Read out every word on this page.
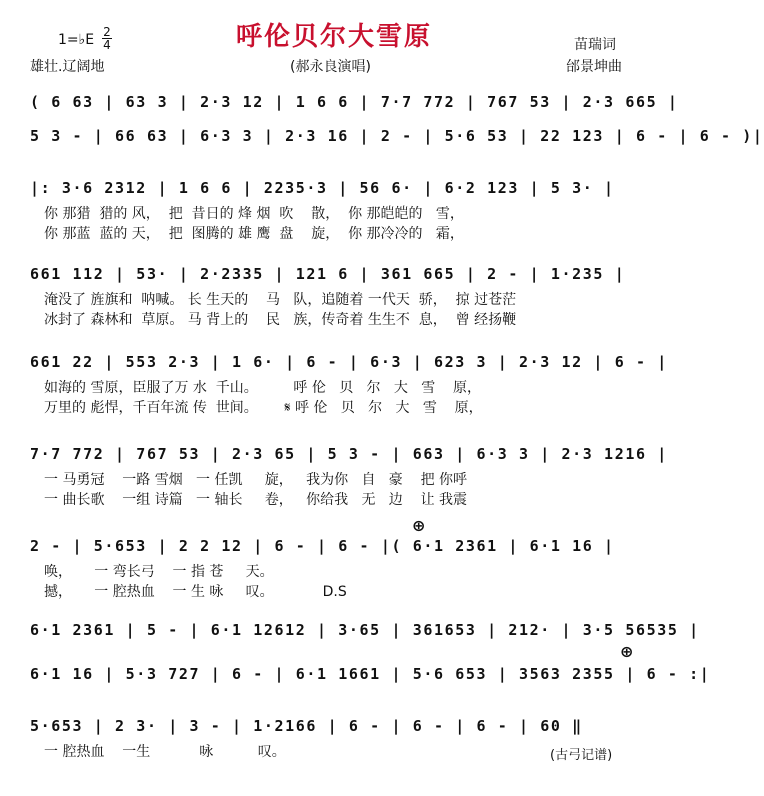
呼伦贝尔大雪原
1=♭E $\frac{2}{4}$
雄壮.辽阔地	(郝永良演唱)
苗瑞词
邰景坤曲
( 6 63 | 63 3 | 2·3 12 | 1 6 6 | 7·7 772 | 767 53 | 2·3 665 |
5 3 - | 66 63 | 6·3 3 | 2·3 16 | 2 - | 5·6 53 | 22 123 | 6 - | 6 - )|
|: 3·6 2312 | 1 6 6 | 2235·3 | 56 6· | 6·2 123 | 5 3· |
你 那猎  猎的 风，  把  昔日的 烽 烟  吹    散，  你 那皑皑的   雪，
你 那蓝  蓝的 天，  把  图腾的 雄 鹰  盘    旋，  你 那冷冷的   霜，
661 112 | 53· | 2·2335 | 121 6 | 361 665 | 2 - | 1·235 |
淹没了 旌旗和  呐喊。 长 生天的    马   队，追随着 一代天  骄，  掠 过苍茫
冰封了 森林和  草原。 马 背上的    民   族，传奇着 生生不  息，  曾 经扬鞭
661 22 | 553 2·3 | 1 6· | 6 - | 6·3 | 623 3 | 2·3 12 | 6 - |
如海的 雪原，臣服了万 水  千山。        呼 伦   贝   尔   大   雪    原，
万里的 彪悍，千百年流 传  世间。      𝄋 呼 伦   贝   尔   大   雪    原，
7·7 772 | 767 53 | 2·3 65 | 5 3 - | 663 | 6·3 3 | 2·3 1216 |
一 马勇冠    一路 雪烟   一 任凯     旋，   我为你   自   豪    把 你呼
一 曲长歌    一组 诗篇   一 轴长     卷，   你给我   无   边    让 我震
⊕
2 - | 5·653 | 2 2 12 | 6 - | 6 - |( 6·1 2361 | 6·1 16 |
唤，     一 弯长弓    一 指 苍     天。
撼，     一 腔热血    一 生 咏     叹。           D.S
6·1 2361 | 5 - | 6·1 12612 | 3·65 | 361653 | 212· | 3·5 56535 |
⊕
6·1 16 | 5·3 727 | 6 - | 6·1 1661 | 5·6 653 | 3563 2355 | 6 - :|
5·653 | 2 3· | 3 - | 1·2166 | 6 - | 6 - | 6 - | 60 ‖
一 腔热血    一生           咏          叹。	(古弓记谱)
